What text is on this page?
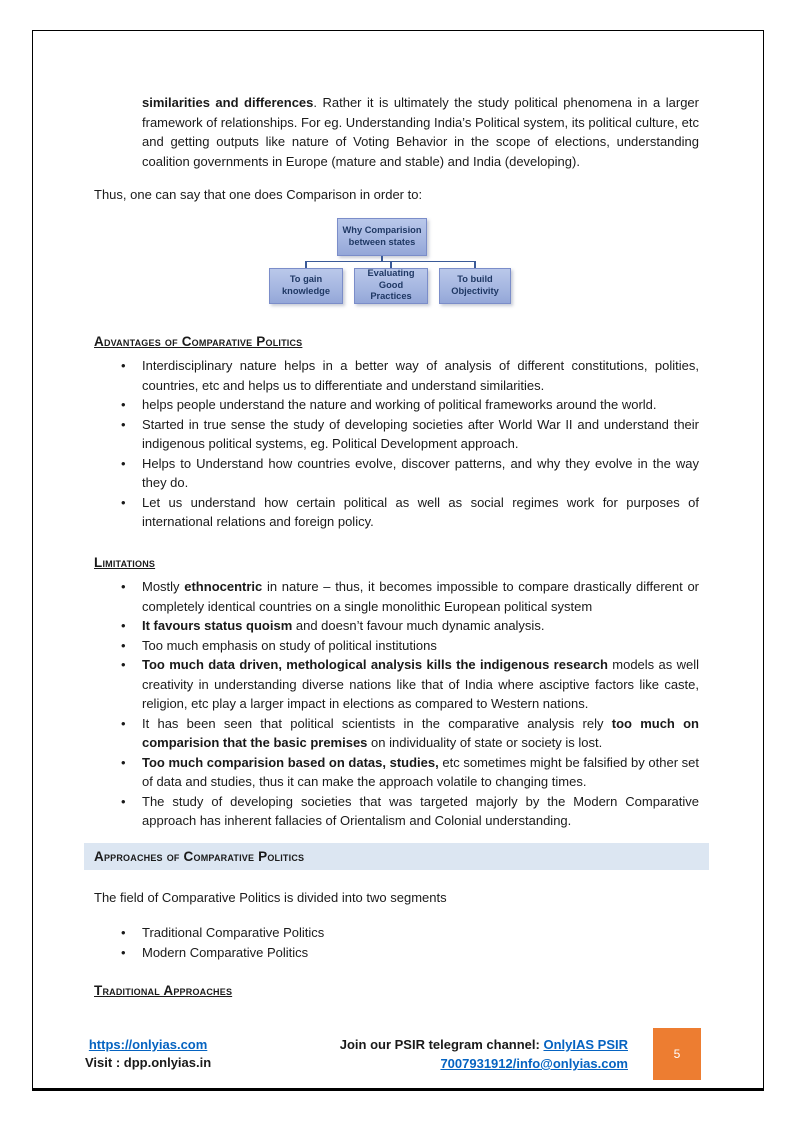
similarities and differences. Rather it is ultimately the study political phenomena in a larger framework of relationships. For eg. Understanding India’s Political system, its political culture, etc and getting outputs like nature of Voting Behavior in the scope of elections, understanding coalition governments in Europe (mature and stable) and India (developing).

Thus, one can say that one does Comparison in order to:

Why Comparision between states
To gain knowledge
Evaluating Good Practices
To build Objectivity
Advantages of Comparative Politics
• Interdisciplinary nature helps in a better way of analysis of different constitutions, polities, countries, etc and helps us to differentiate and understand similarities.
• helps people understand the nature and working of political frameworks around the world.
• Started in true sense the study of developing societies after World War II and understand their indigenous political systems, eg. Political Development approach.
• Helps to Understand how countries evolve, discover patterns, and why they evolve in the way they do.
• Let us understand how certain political as well as social regimes work for purposes of international relations and foreign policy.
Limitations
• Mostly ethnocentric in nature – thus, it becomes impossible to compare drastically different or completely identical countries on a single monolithic European political system
• It favours status quoism and doesn’t favour much dynamic analysis.
• Too much emphasis on study of political institutions
• Too much data driven, methological analysis kills the indigenous research models as well creativity in understanding diverse nations like that of India where asciptive factors like caste, religion, etc play a larger impact in elections as compared to Western nations.
• It has been seen that political scientists in the comparative analysis rely too much on comparision that the basic premises on individuality of state or society is lost.
• Too much comparision based on datas, studies, etc sometimes might be falsified by other set of data and studies, thus it can make the approach volatile to changing times.
• The study of developing societies that was targeted majorly by the Modern Comparative approach has inherent fallacies of Orientalism and Colonial understanding.
Approaches of Comparative Politics

The field of Comparative Politics is divided into two segments

• Traditional Comparative Politics
• Modern Comparative Politics
Traditional Approaches
https://onlyias.com
Visit : dpp.onlyias.in
Join our PSIR telegram channel: OnlyIAS PSIR
7007931912/info@onlyias.com
5
